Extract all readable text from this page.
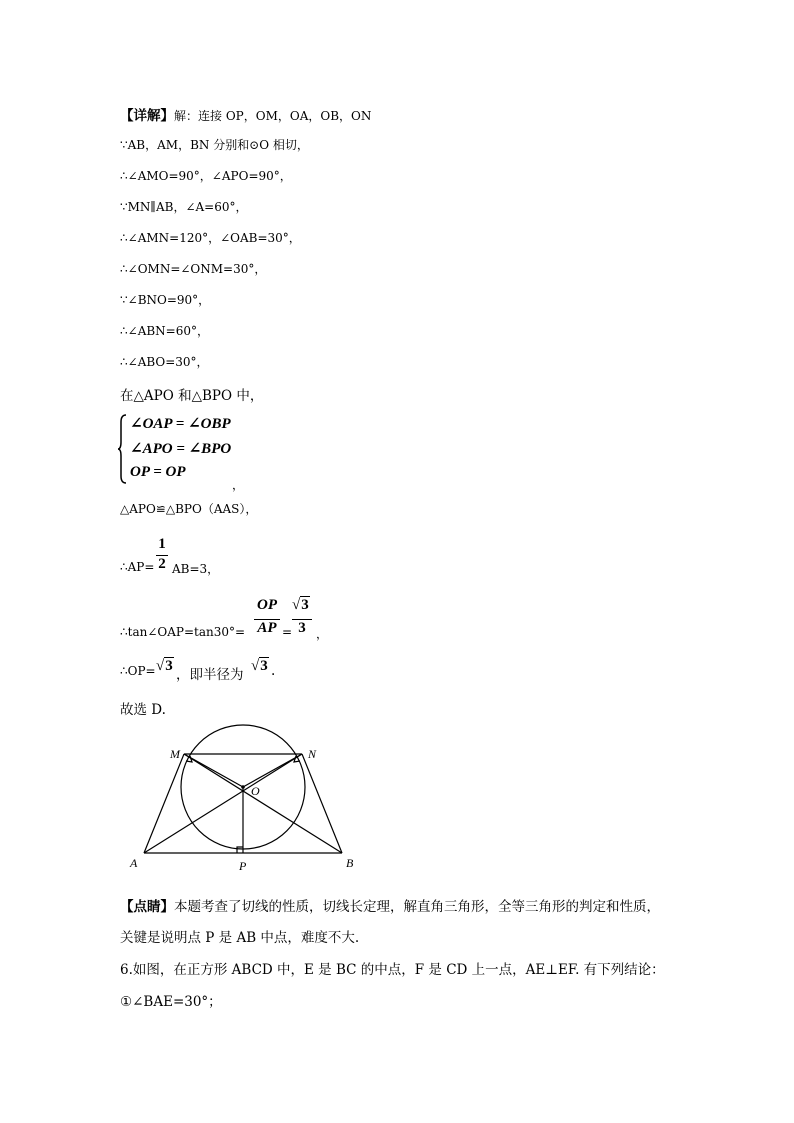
【详解】解：连接 OP，OM，OA，OB，ON
∵AB，AM，BN 分别和⊙O 相切，
∴∠AMO=90°，∠APO=90°，
∵MN∥AB，∠A=60°，
∴∠AMN=120°，∠OAB=30°，
∴∠OMN=∠ONM=30°，
∵∠BNO=90°，
∴∠ABN=60°，
∴∠ABO=30°，
在△APO 和△BPO 中，
∠OAP = ∠OBP
∠APO = ∠BPO
OP = OP
，
△APO≌△BPO（AAS），
∴AP=
1
2 AB=3，
∴tan∠OAP=tan30°=
OP
AP =
√3
3 ，
∴OP= √3
，即半径为
√3 .
故选 D.
M	N
O
A	B
P
【点睛】本题考查了切线的性质，切线长定理，解直角三角形，全等三角形的判定和性质，
关键是说明点 P 是 AB 中点，难度不大.
6.如图，在正方形 ABCD 中，E 是 BC 的中点，F 是 CD 上一点，AE⊥EF. 有下列结论：
①∠BAE=30°；
